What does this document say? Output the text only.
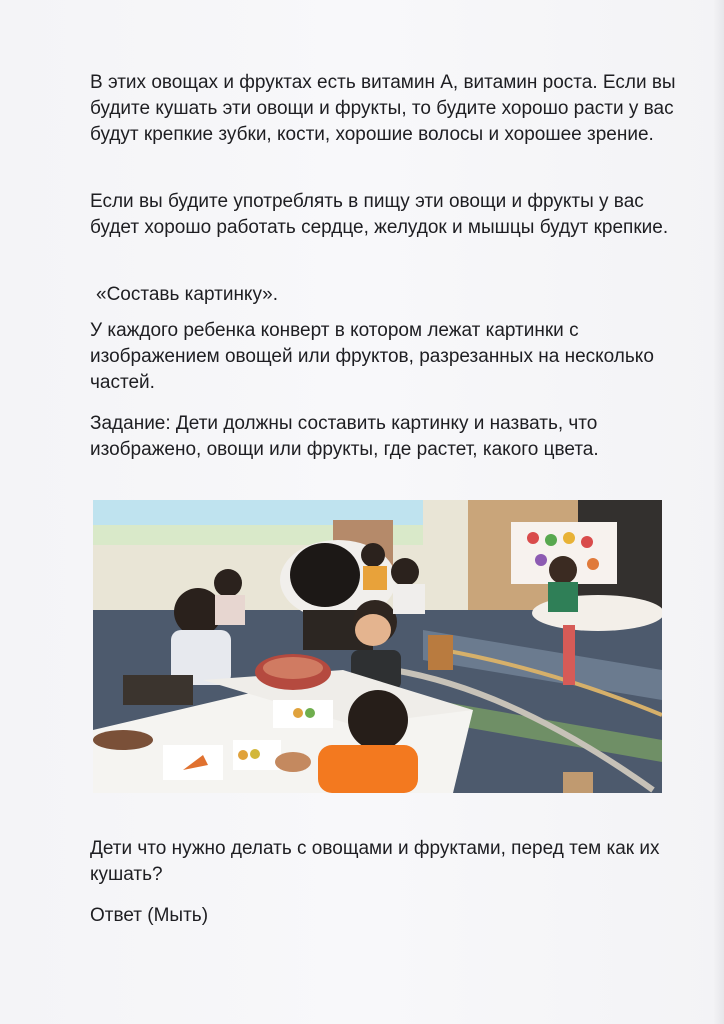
В этих овощах и фруктах есть витамин А, витамин роста. Если вы будите кушать эти овощи и фрукты, то будите хорошо расти у вас будут крепкие зубки, кости, хорошие волосы и хорошее зрение.

Если вы будите употреблять в пищу эти овощи и фрукты у вас будет хорошо работать сердце, желудок и мышцы будут крепкие.

«Составь картинку».

У каждого ребенка конверт в котором лежат картинки с изображением овощей или фруктов, разрезанных на несколько частей.

Задание: Дети должны составить картинку и назвать, что изображено, овощи или фрукты, где растет, какого цвета.

Дети что нужно делать с овощами и фруктами, перед тем как их кушать?

Ответ (Мыть)
